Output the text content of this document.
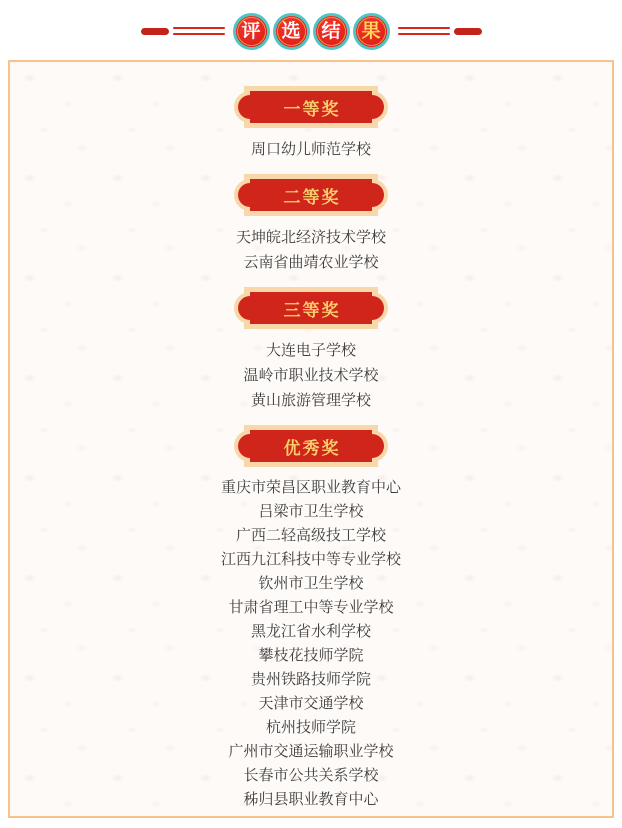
评 选 结 果
一等奖
周口幼儿师范学校
二等奖
天坤皖北经济技术学校
云南省曲靖农业学校
三等奖
大连电子学校
温岭市职业技术学校
黄山旅游管理学校
优秀奖
重庆市荣昌区职业教育中心
吕梁市卫生学校
广西二轻高级技工学校
江西九江科技中等专业学校
钦州市卫生学校
甘肃省理工中等专业学校
黑龙江省水利学校
攀枝花技师学院
贵州铁路技师学院
天津市交通学校
杭州技师学院
广州市交通运输职业学校
长春市公共关系学校
秭归县职业教育中心
